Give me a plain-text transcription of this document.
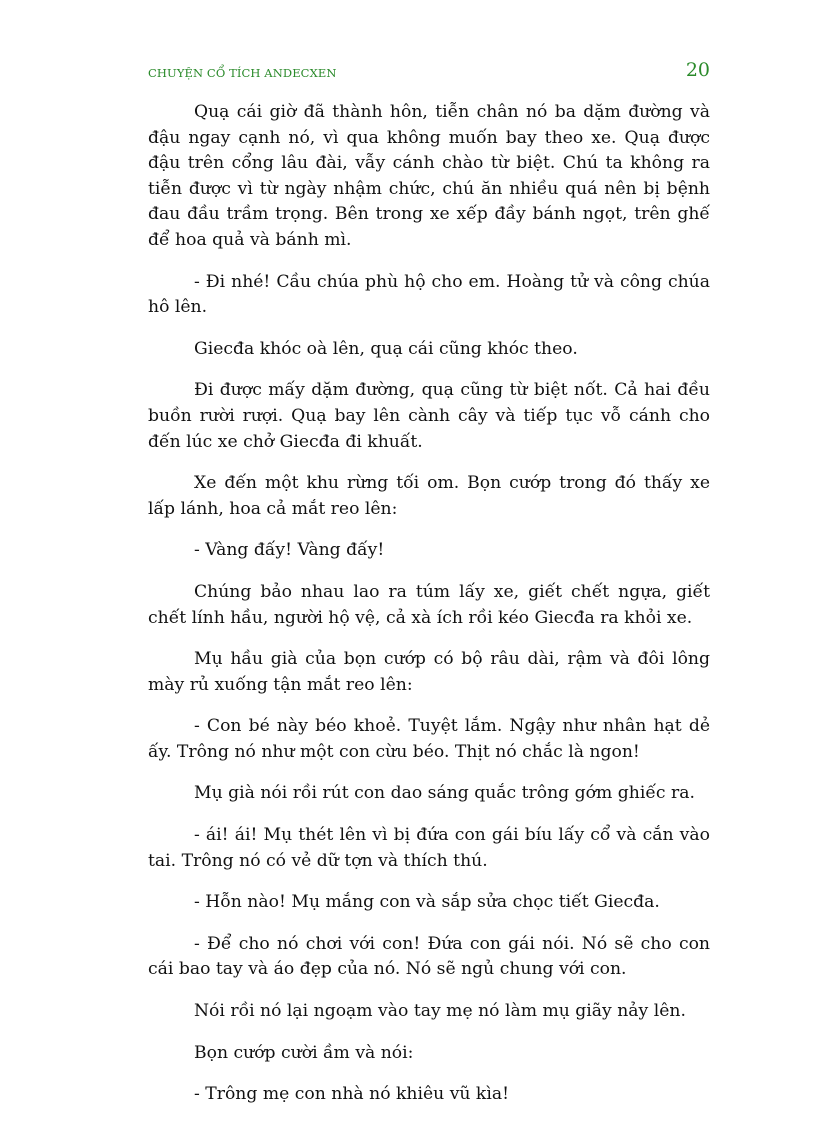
CHUYỆN CỔ TÍCH ANDECXEN	20

Quạ cái giờ đã thành hôn, tiễn chân nó ba dặm đường và đậu ngay cạnh nó, vì qua không muốn bay theo xe. Quạ được đậu trên cổng lâu đài, vẫy cánh chào từ biệt. Chú ta không ra tiễn được vì từ ngày nhậm chức, chú ăn nhiều quá nên bị bệnh đau đầu trầm trọng. Bên trong xe xếp đầy bánh ngọt, trên ghế để hoa quả và bánh mì.

- Đi nhé! Cầu chúa phù hộ cho em. Hoàng tử và công chúa hô lên.

Giecđa khóc oà lên, quạ cái cũng khóc theo.

Đi được mấy dặm đường, quạ cũng từ biệt nốt. Cả hai đều buồn rười rượi. Quạ bay lên cành cây và tiếp tục vỗ cánh cho đến lúc xe chở Giecđa đi khuất.

Xe đến một khu rừng tối om. Bọn cướp trong đó thấy xe lấp lánh, hoa cả mắt reo lên:

- Vàng đấy! Vàng đấy!

Chúng bảo nhau lao ra túm lấy xe, giết chết ngựa, giết chết lính hầu, người hộ vệ, cả xà ích rồi kéo Giecđa ra khỏi xe.

Mụ hầu già của bọn cướp có bộ râu dài, rậm và đôi lông mày rủ xuống tận mắt reo lên:

- Con bé này béo khoẻ. Tuyệt lắm. Ngậy như nhân hạt dẻ ấy. Trông nó như một con cừu béo. Thịt nó chắc là ngon!

Mụ già nói rồi rút con dao sáng quắc trông gớm ghiếc ra.

- ái! ái! Mụ thét lên vì bị đứa con gái bíu lấy cổ và cắn vào tai. Trông nó có vẻ dữ tợn và thích thú.

- Hỗn nào! Mụ mắng con và sắp sửa chọc tiết Giecđa.

- Để cho nó chơi với con! Đứa con gái nói. Nó sẽ cho con cái bao tay và áo đẹp của nó. Nó sẽ ngủ chung với con.

Nói rồi nó lại ngoạm vào tay mẹ nó làm mụ giãy nảy lên.

Bọn cướp cười ầm và nói:

- Trông mẹ con nhà nó khiêu vũ kìa!
